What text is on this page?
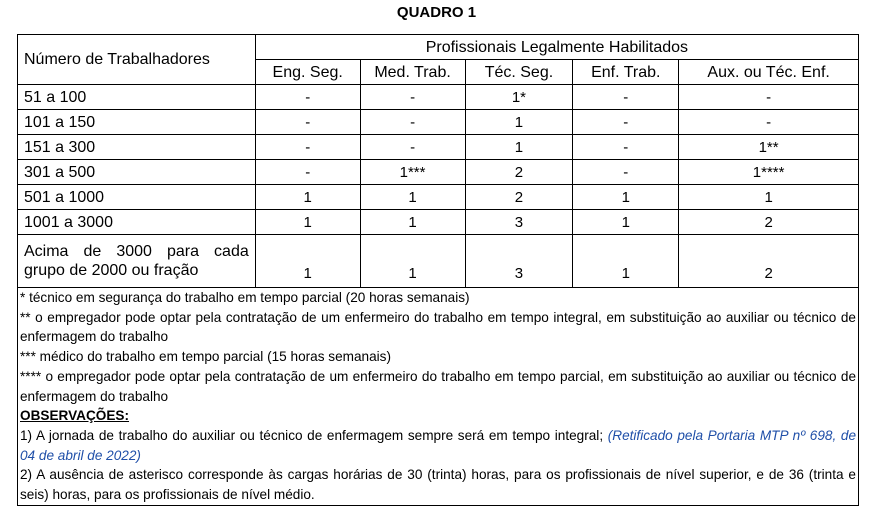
QUADRO 1
Número de Trabalhadores	Profissionais Legalmente Habilitados				
	Eng. Seg.	Med. Trab.	Téc. Seg.	Enf. Trab.	Aux. ou Téc. Enf.
51 a 100	-	-	1*	-	-
101 a 150	-	-	1	-	-
151 a 300	-	-	1	-	1**
301 a 500	-	1***	2	-	1****
501 a 1000	1	1	2	1	1
1001 a 3000	1	1	3	1	2

Acima de 3000 para cada
grupo de 2000 ou fração	1	1	3	1	2

* técnico em segurança do trabalho em tempo parcial (20 horas semanais)

** o empregador pode optar pela contratação de um enfermeiro do trabalho em tempo integral, em substituição ao auxiliar ou técnico de enfermagem do trabalho

*** médico do trabalho em tempo parcial (15 horas semanais)

**** o empregador pode optar pela contratação de um enfermeiro do trabalho em tempo parcial, em substituição ao auxiliar ou técnico de enfermagem do trabalho

OBSERVAÇÕES:

1) A jornada de trabalho do auxiliar ou técnico de enfermagem sempre será em tempo integral; (Retificado pela Portaria MTP nº 698, de 04 de abril de 2022)

2) A ausência de asterisco corresponde às cargas horárias de 30 (trinta) horas, para os profissionais de nível superior, e de 36 (trinta e seis) horas, para os profissionais de nível médio.
